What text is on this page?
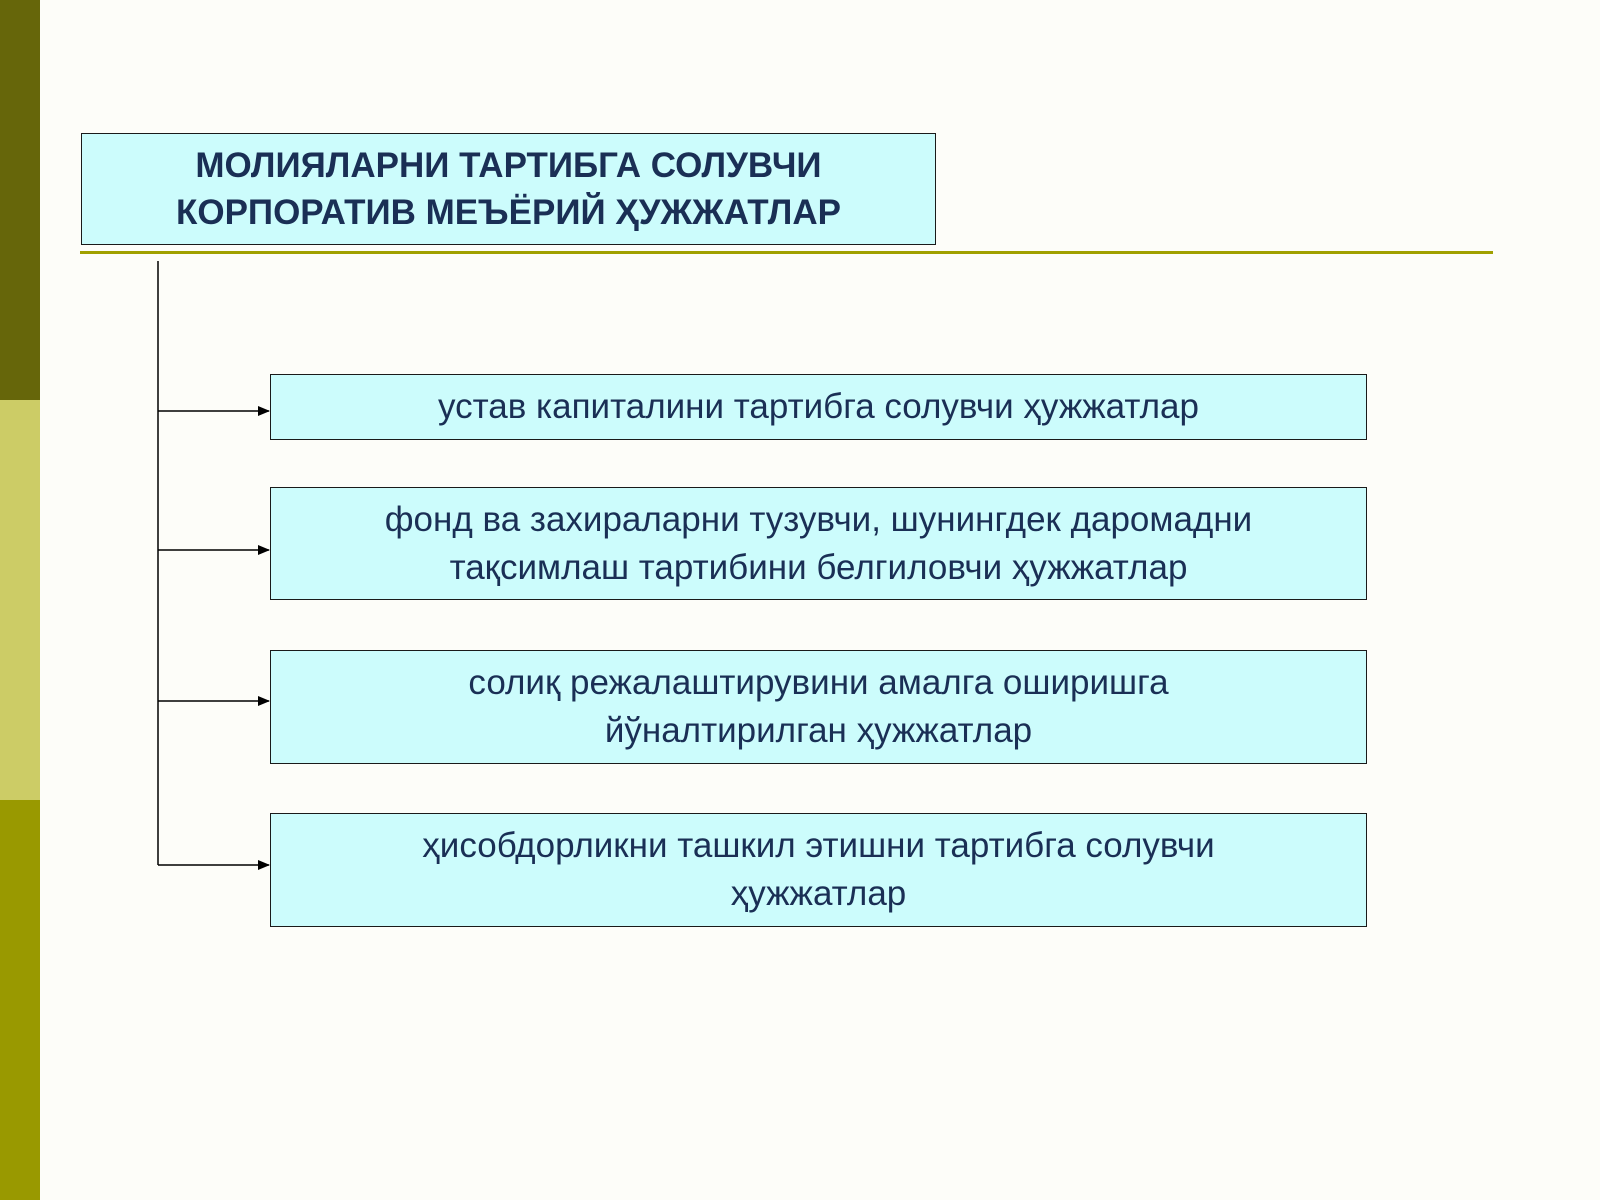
МОЛИЯЛАРНИ ТАРТИБГА СОЛУВЧИ
КОРПОРАТИВ МЕЪЁРИЙ ҲУЖЖАТЛАР
устав капиталини тартибга солувчи ҳужжатлар
фонд ва захираларни тузувчи, шунингдек даромадни
тақсимлаш тартибини белгиловчи ҳужжатлар
солиқ режалаштирувини амалга оширишга
йўналтирилган ҳужжатлар
ҳисобдорликни ташкил этишни тартибга солувчи
ҳужжатлар
